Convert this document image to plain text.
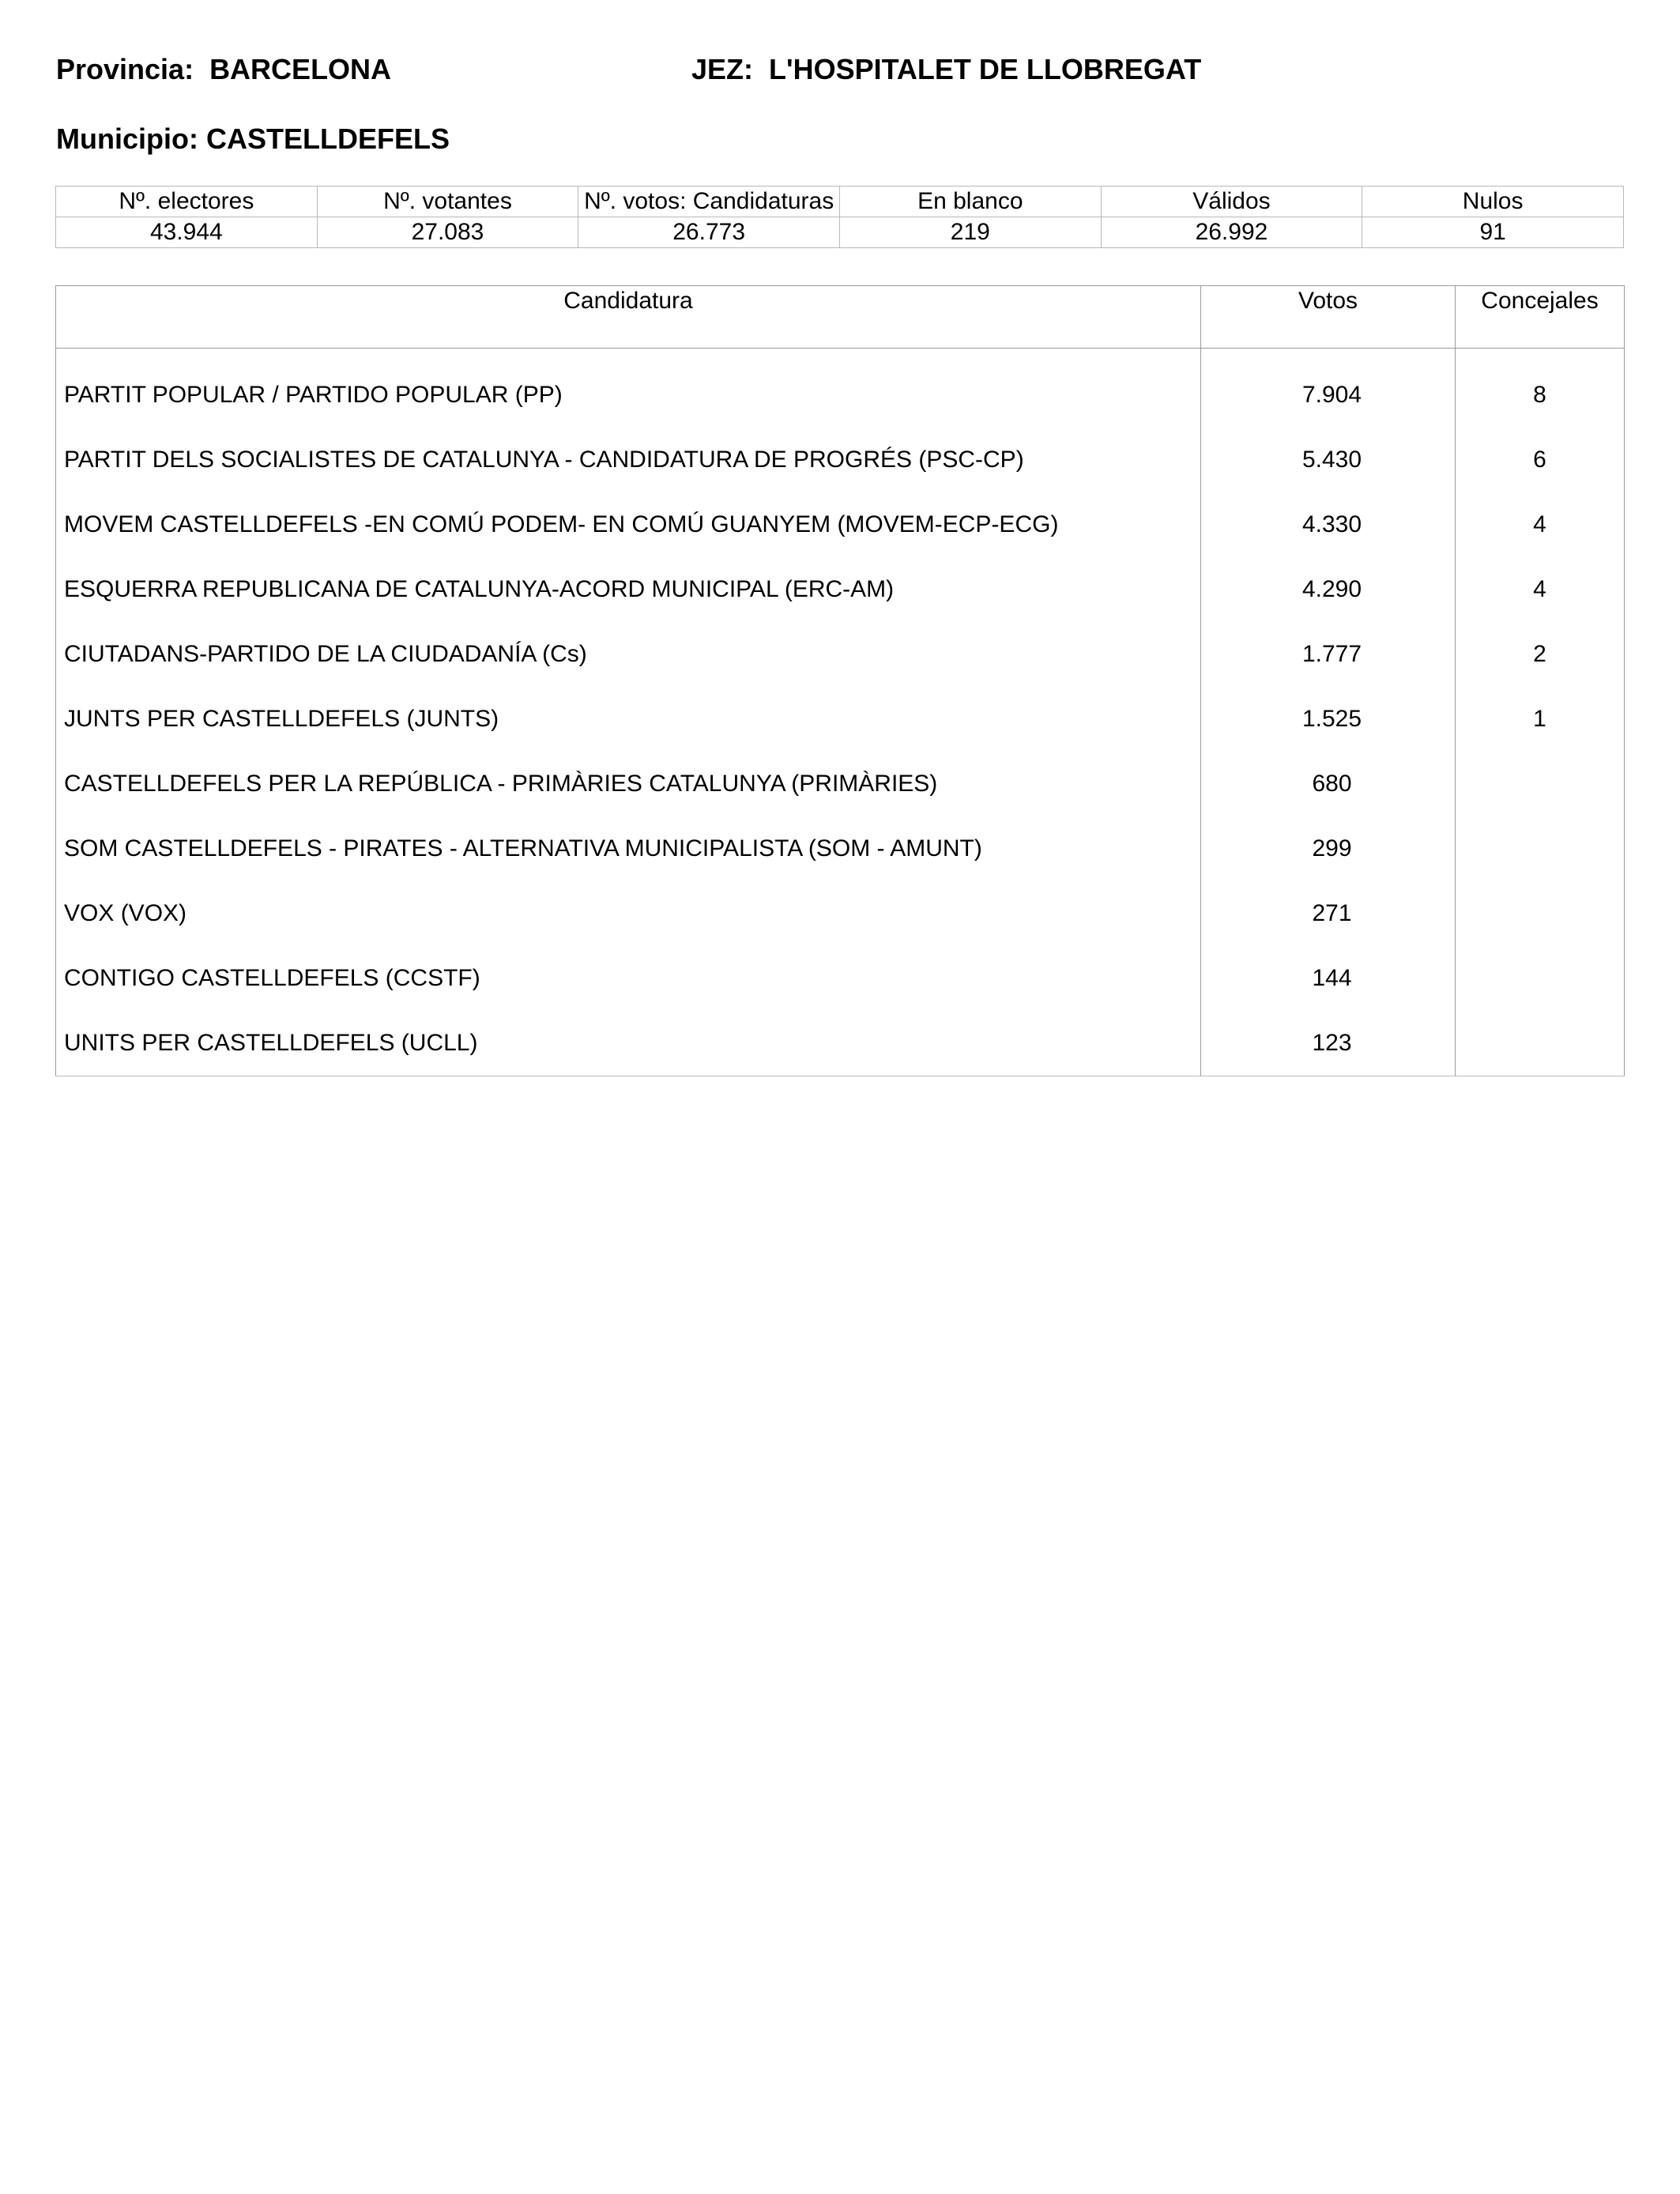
Provincia:  BARCELONA	JEZ:  L'HOSPITALET DE LLOBREGAT
Municipio: CASTELLDEFELS
Nº. electores	Nº. votantes	Nº. votos: Candidaturas	En blanco	Válidos	Nulos
43.944	27.083	26.773	219	26.992	91
Candidatura	Votos	Concejales
PARTIT POPULAR / PARTIDO POPULAR (PP)	7.904	8
PARTIT DELS SOCIALISTES DE CATALUNYA - CANDIDATURA DE PROGRÉS (PSC-CP)	5.430	6
MOVEM CASTELLDEFELS -EN COMÚ PODEM- EN COMÚ GUANYEM (MOVEM-ECP-ECG)	4.330	4
ESQUERRA REPUBLICANA DE CATALUNYA-ACORD MUNICIPAL (ERC-AM)	4.290	4
CIUTADANS-PARTIDO DE LA CIUDADANÍA (Cs)	1.777	2
JUNTS PER CASTELLDEFELS (JUNTS)	1.525	1
CASTELLDEFELS PER LA REPÚBLICA - PRIMÀRIES CATALUNYA (PRIMÀRIES)	680	
SOM CASTELLDEFELS - PIRATES - ALTERNATIVA MUNICIPALISTA (SOM - AMUNT)	299	
VOX (VOX)	271	
CONTIGO CASTELLDEFELS (CCSTF)	144	
UNITS PER CASTELLDEFELS (UCLL)	123	
